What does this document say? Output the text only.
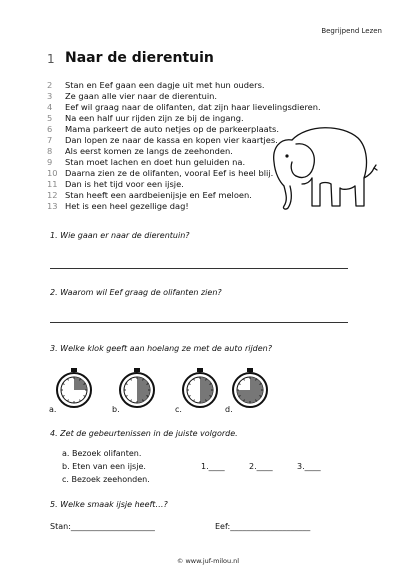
Begrijpend Lezen
1 Naar de dierentuin
2 Stan en Eef gaan een dagje uit met hun ouders.
3 Ze gaan alle vier naar de dierentuin.
4 Eef wil graag naar de olifanten, dat zijn haar lievelingsdieren.
5 Na een half uur rijden zijn ze bij de ingang.
6 Mama parkeert de auto netjes op de parkeerplaats.
7 Dan lopen ze naar de kassa en kopen vier kaartjes.
8 Als eerst komen ze langs de zeehonden.
9 Stan moet lachen en doet hun geluiden na.
10 Daarna zien ze de olifanten, vooral Eef is heel blij.
11 Dan is het tijd voor een ijsje.
12 Stan heeft een aardbeienijsje en Eef meloen.
13 Het is een heel gezellige dag!
1. Wie gaan er naar de dierentuin?
2. Waarom wil Eef graag de olifanten zien?
3. Welke klok geeft aan hoelang ze met de auto rijden?
a.	b.	c.	d.
4. Zet de gebeurtenissen in de juiste volgorde.
a. Bezoek olifanten.
b. Eten van een ijsje.
c. Bezoek zeehonden.
1.____	2.____	3.____
5. Welke smaak ijsje heeft…?
Stan:_____________________	Eef:____________________
© www.juf-milou.nl
